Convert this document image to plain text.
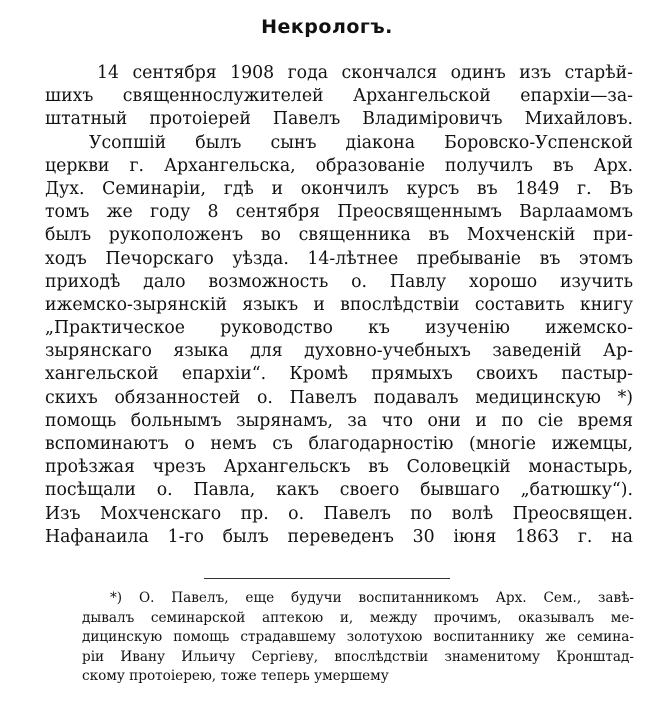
Некрологъ.
14 сентября 1908 года скончался одинъ изъ старѣй-
шихъ священнослужителей Архангельской епархіи—за-
штатный протоіерей Павелъ Владиміровичъ Михайловъ.
Усопшій былъ сынъ діакона Боровско-Успенской
церкви г. Архангельска, образованіе получилъ въ Арх.
Дух. Семинаріи, гдѣ и окончилъ курсъ въ 1849 г. Въ
томъ же году 8 сентября Преосвященнымъ Варлаамомъ
былъ рукоположенъ во священника въ Мохченскій при-
ходъ Печорскаго уѣзда. 14-лѣтнее пребываніе въ этомъ
приходѣ дало возможность о. Павлу хорошо изучить
ижемско-зырянскій языкъ и впослѣдствіи составить книгу
„Практическое руководство къ изученію ижемско-
зырянскаго языка для духовно-учебныхъ заведеній Ар-
хангельской епархіи“. Кромѣ прямыхъ своихъ пастыр-
скихъ обязанностей о. Павелъ подавалъ медицинскую *)
помощь больнымъ зырянамъ, за что они и по сіе время
вспоминаютъ о немъ съ благодарностію (многіе ижемцы,
проѣзжая чрезъ Архангельскъ въ Соловецкій монастырь,
посѣщали о. Павла, какъ своего бывшаго „батюшку“).
Изъ Мохченскаго пр. о. Павелъ по волѣ Преосвящен.
Нафанаила 1-го былъ переведенъ 30 іюня 1863 г. на
*) О. Павелъ, еще будучи воспитанникомъ Арх. Сем., завѣ-
дывалъ семинарской аптекою и, между прочимъ, оказывалъ ме-
дицинскую помощь страдавшему золотухою воспитаннику же семина-
ріи Ивану Ильичу Сергіеву, впослѣдствіи знаменитому Кронштад-
скому протоіерею, тоже теперь умершему
